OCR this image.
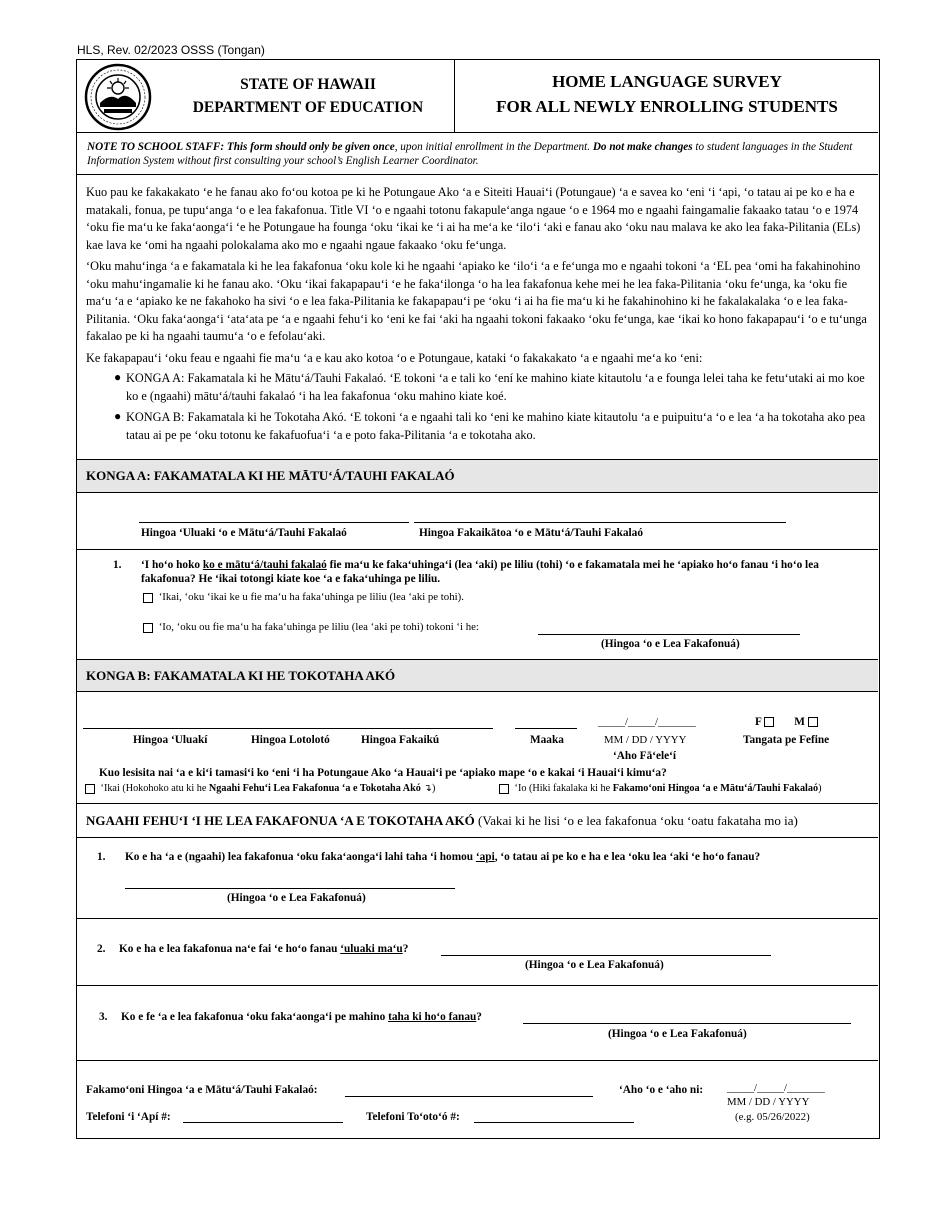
HLS, Rev. 02/2023 OSSS (Tongan)
STATE OF HAWAII
DEPARTMENT OF EDUCATION
HOME LANGUAGE SURVEY
FOR ALL NEWLY ENROLLING STUDENTS
NOTE TO SCHOOL STAFF: This form should only be given once, upon initial enrollment in the Department. Do not make changes to student languages in the Student Information System without first consulting your school’s English Learner Coordinator.

Kuo pau ke fakakakato ‘e he fanau ako fo‘ou kotoa pe ki he Potungaue Ako ‘a e Siteiti Hauai‘i (Potungaue) ‘a e savea ko ‘eni ‘i ‘api, ‘o tatau ai pe ko e ha e matakali, fonua, pe tupu‘anga ‘o e lea fakafonua. Title VI ‘o e ngaahi totonu fakapule‘anga ngaue ‘o e 1964 mo e ngaahi faingamalie fakaako tatau ‘o e 1974 ‘oku fie ma‘u ke faka‘aonga‘i ‘e he Potungaue ha founga ‘oku ‘ikai ke ‘i ai ha me‘a ke ‘ilo‘i ‘aki e fanau ako ‘oku nau malava ke ako lea faka-Pilitania (ELs) kae lava ke ‘omi ha ngaahi polokalama ako mo e ngaahi ngaue fakaako ‘oku fe‘unga.

‘Oku mahu‘inga ‘a e fakamatala ki he lea fakafonua ‘oku kole ki he ngaahi ‘apiako ke ‘ilo‘i ‘a e fe‘unga mo e ngaahi tokoni ‘a ‘EL pea ‘omi ha fakahinohino ‘oku mahu‘ingamalie ki he fanau ako. ‘Oku ‘ikai fakapapau‘i ‘e he faka‘ilonga ‘o ha lea fakafonua kehe mei he lea faka-Pilitania ‘oku fe‘unga, ka ‘oku fie ma‘u ‘a e ‘apiako ke ne fakahoko ha sivi ‘o e lea faka-Pilitania ke fakapapau‘i pe ‘oku ‘i ai ha fie ma‘u ki he fakahinohino ki he fakalakalaka ‘o e lea faka-Pilitania. ‘Oku faka‘aonga‘i ‘ata‘ata pe ‘a e ngaahi fehu‘i ko ‘eni ke fai ‘aki ha ngaahi tokoni fakaako ‘oku fe‘unga, kae ‘ikai ko hono fakapapau‘i ‘o e tu‘unga fakalao pe ki ha ngaahi taumu‘a ‘o e fefolau‘aki.

Ke fakapapau‘i ‘oku feau e ngaahi fie ma‘u ‘a e kau ako kotoa ‘o e Potungaue, kataki ‘o fakakakato ‘a e ngaahi me‘a ko ‘eni:

● KONGA A: Fakamatala ki he Mātu‘á/Tauhi Fakalaó. ‘E tokoni ‘a e tali ko ‘ení ke mahino kiate kitautolu ‘a e founga lelei taha ke fetu‘utaki ai mo koe ko e (ngaahi) mātu‘á/tauhi fakalaó ‘i ha lea fakafonua ‘oku mahino kiate koé.

● KONGA B: Fakamatala ki he Tokotaha Akó. ‘E tokoni ‘a e ngaahi tali ko ‘eni ke mahino kiate kitautolu ‘a e puipuitu‘a ‘o e lea ‘a ha tokotaha ako pea tatau ai pe pe ‘oku totonu ke fakafuofua‘i ‘a e poto faka-Pilitania ‘a e tokotaha ako.

KONGA A: FAKAMATALA KI HE MĀTU‘Á/TAUHI FAKALAÓ
Hingoa ‘Uluaki ‘o e Mātu‘á/Tauhi Fakalaó	Hingoa Fakaikātoa ‘o e Mātu‘á/Tauhi Fakalaó
1. ‘I ho‘o hoko ko e mātu‘á/tauhi fakalaó fie ma‘u ke faka‘uhinga‘i (lea ‘aki) pe liliu (tohi) ‘o e fakamatala mei he ‘apiako ho‘o fanau ‘i ho‘o lea fakafonua? He ‘ikai totongi kiate koe ‘a e faka‘uhinga pe liliu.
‘Ikai, ‘oku ‘ikai ke u fie ma‘u ha faka‘uhinga pe liliu (lea ‘aki pe tohi).
‘Io, ‘oku ou fie ma‘u ha faka‘uhinga pe liliu (lea ‘aki pe tohi) tokoni ‘i he:
(Hingoa ‘o e Lea Fakafonuá)
KONGA B: FAKAMATALA KI HE TOKOTAHA AKÓ
Hingoa ‘Uluakí	Hingoa Lotolotó	Hingoa Fakaikú	Maaka
_____/_____/_______
MM / DD / YYYY
‘Aho Fā‘ele‘í
F	M
Tangata pe Fefine
Kuo lesisita nai ‘a e ki‘i tamasi‘i ko ‘eni ‘i ha Potungaue Ako ‘a Hauai‘i pe ‘apiako mape ‘o e kakai ‘i Hauai‘i kimu‘a?
‘Ikai (Hokohoko atu ki he Ngaahi Fehu‘i Lea Fakafonua ‘a e Tokotaha Akó ↴)	‘Io (Hiki fakalaka ki he Fakamo‘oni Hingoa ‘a e Mātu‘á/Tauhi Fakalaó)
NGAAHI FEHU‘I ‘I HE LEA FAKAFONUA ‘A E TOKOTAHA AKÓ (Vakai ki he lisi ‘o e lea fakafonua ‘oku ‘oatu fakataha mo ia)
1. Ko e ha ‘a e (ngaahi) lea fakafonua ‘oku faka‘aonga‘i lahi taha ‘i homou ‘api, ‘o tatau ai pe ko e ha e lea ‘oku lea ‘aki ‘e ho‘o fanau?
(Hingoa ‘o e Lea Fakafonuá)
2. Ko e ha e lea fakafonua na‘e fai ‘e ho‘o fanau ‘uluaki ma‘u?
(Hingoa ‘o e Lea Fakafonuá)
3. Ko e fe ‘a e lea fakafonua ‘oku faka‘aonga‘i pe mahino taha ki ho‘o fanau?
(Hingoa ‘o e Lea Fakafonuá)
Fakamo‘oni Hingoa ‘a e Mātu‘á/Tauhi Fakalaó:	‘Aho ‘o e ‘aho ni: _____/_____/_______
MM / DD / YYYY
(e.g. 05/26/2022)
Telefoni ‘i ‘Apí #:	Telefoni To‘oto‘ó #:
